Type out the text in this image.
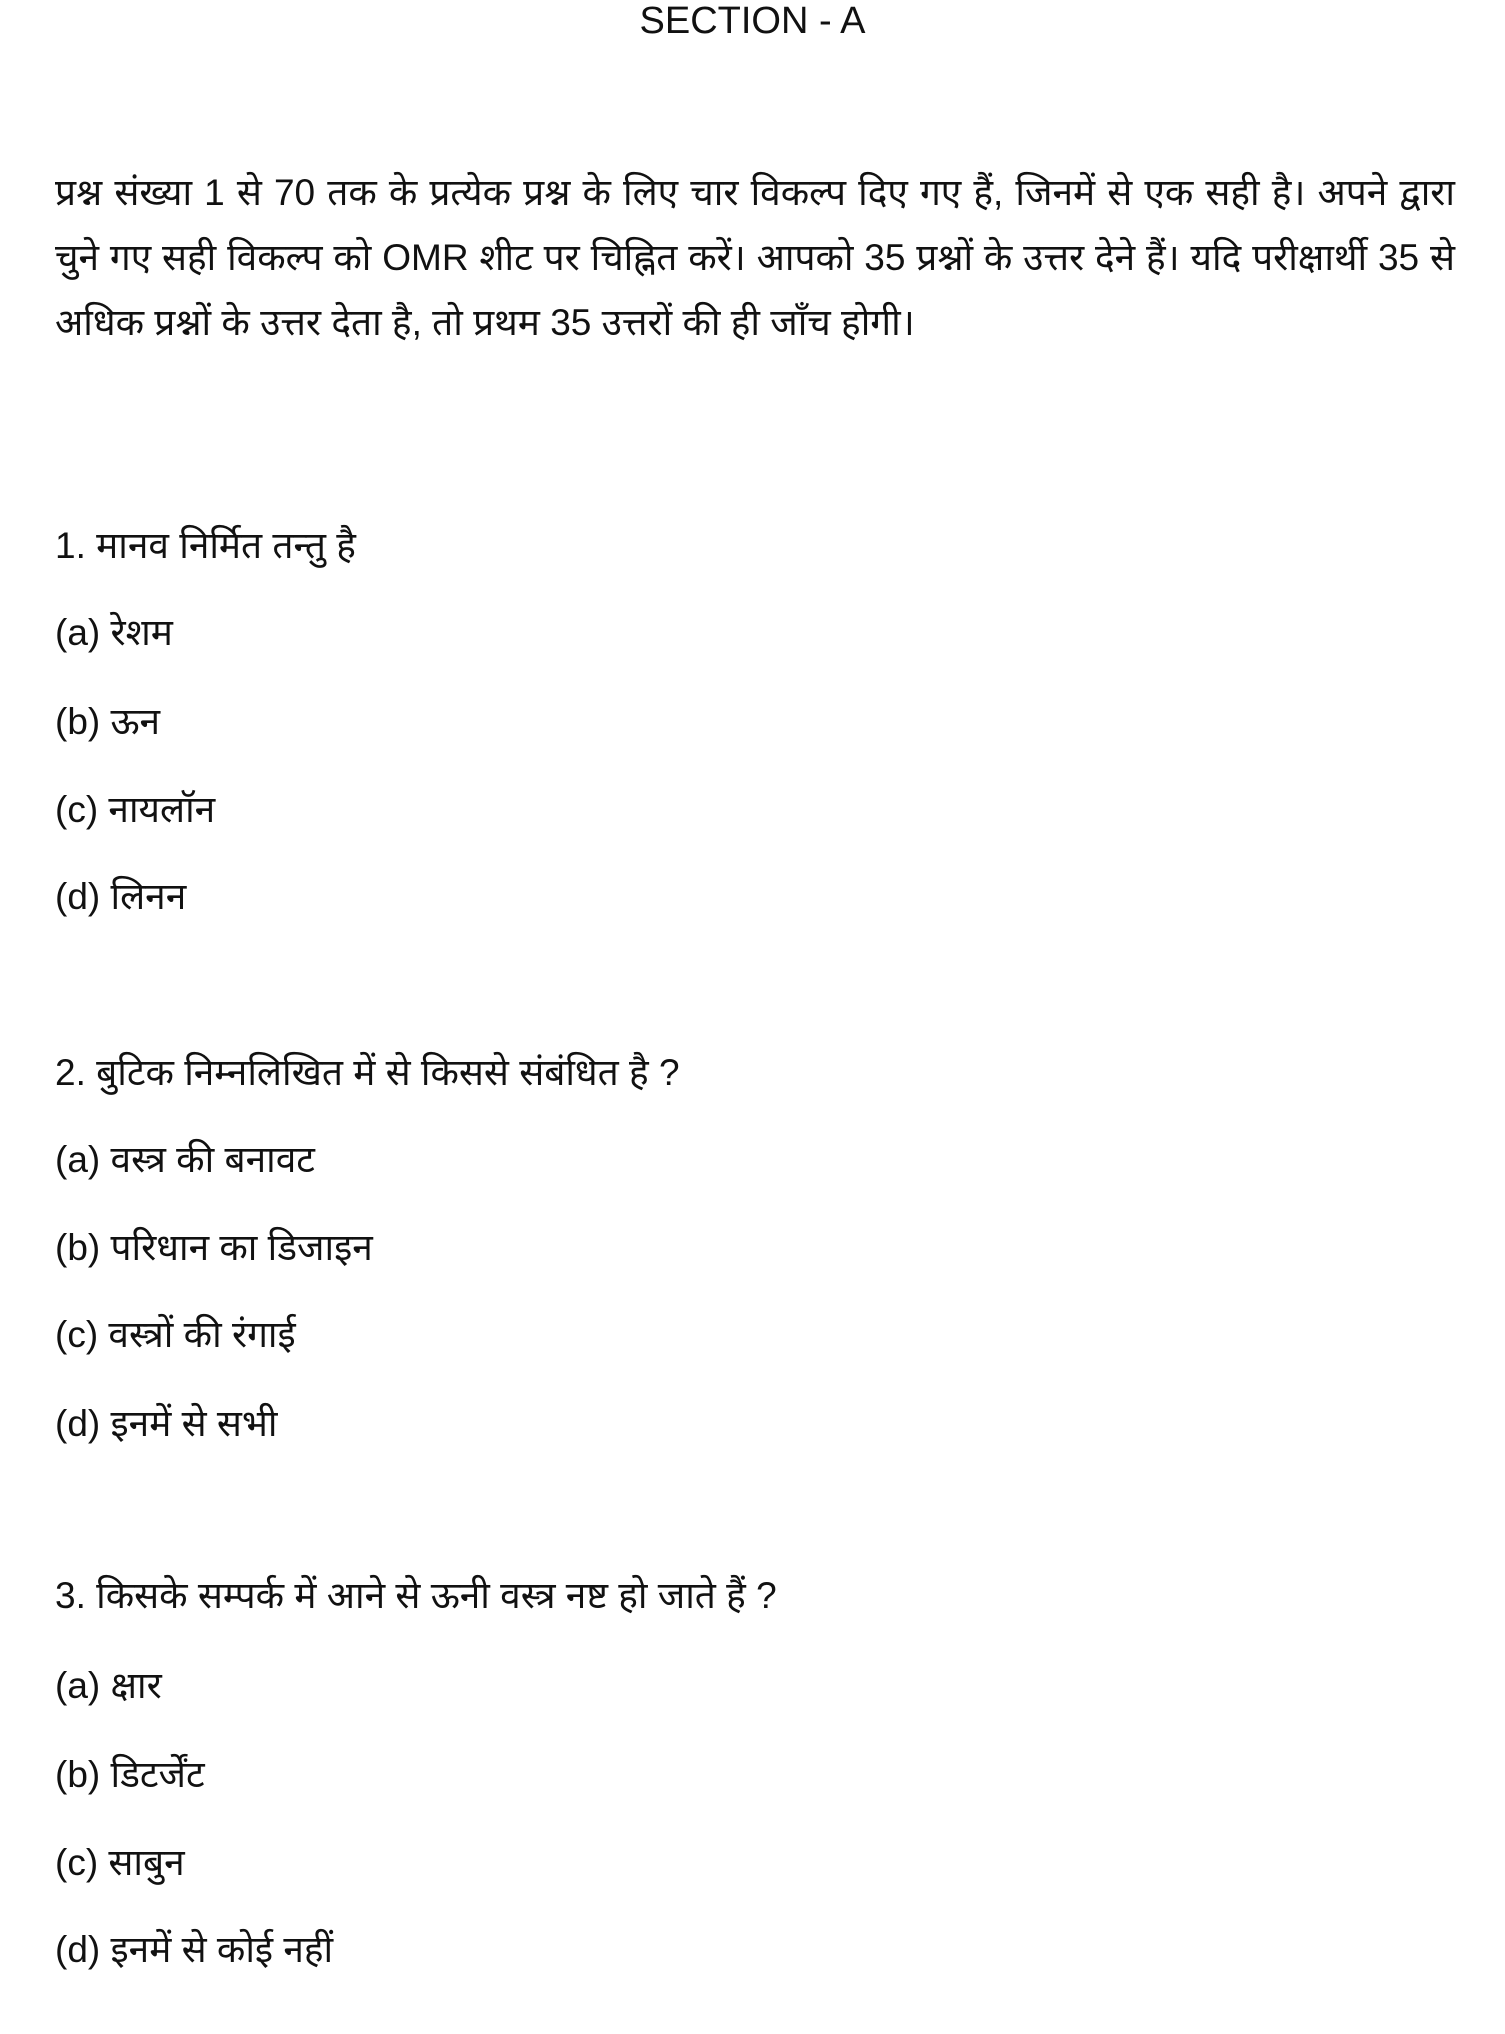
SECTION - A
प्रश्न संख्या 1 से 70 तक के प्रत्येक प्रश्न के लिए चार विकल्प दिए गए हैं, जिनमें से एक सही है। अपने द्वारा चुने गए सही विकल्प को OMR शीट पर चिह्नित करें। आपको 35 प्रश्नों के उत्तर देने हैं। यदि परीक्षार्थी 35 से अधिक प्रश्नों के उत्तर देता है, तो प्रथम 35 उत्तरों की ही जाँच होगी।
1. मानव निर्मित तन्तु है
(a) रेशम
(b) ऊन
(c) नायलॉन
(d) लिनन
2. बुटिक निम्नलिखित में से किससे संबंधित है ?
(a) वस्त्र की बनावट
(b) परिधान का डिजाइन
(c) वस्त्रों की रंगाई
(d) इनमें से सभी
3. किसके सम्पर्क में आने से ऊनी वस्त्र नष्ट हो जाते हैं ?
(a) क्षार
(b) डिटर्जेंट
(c) साबुन
(d) इनमें से कोई नहीं
